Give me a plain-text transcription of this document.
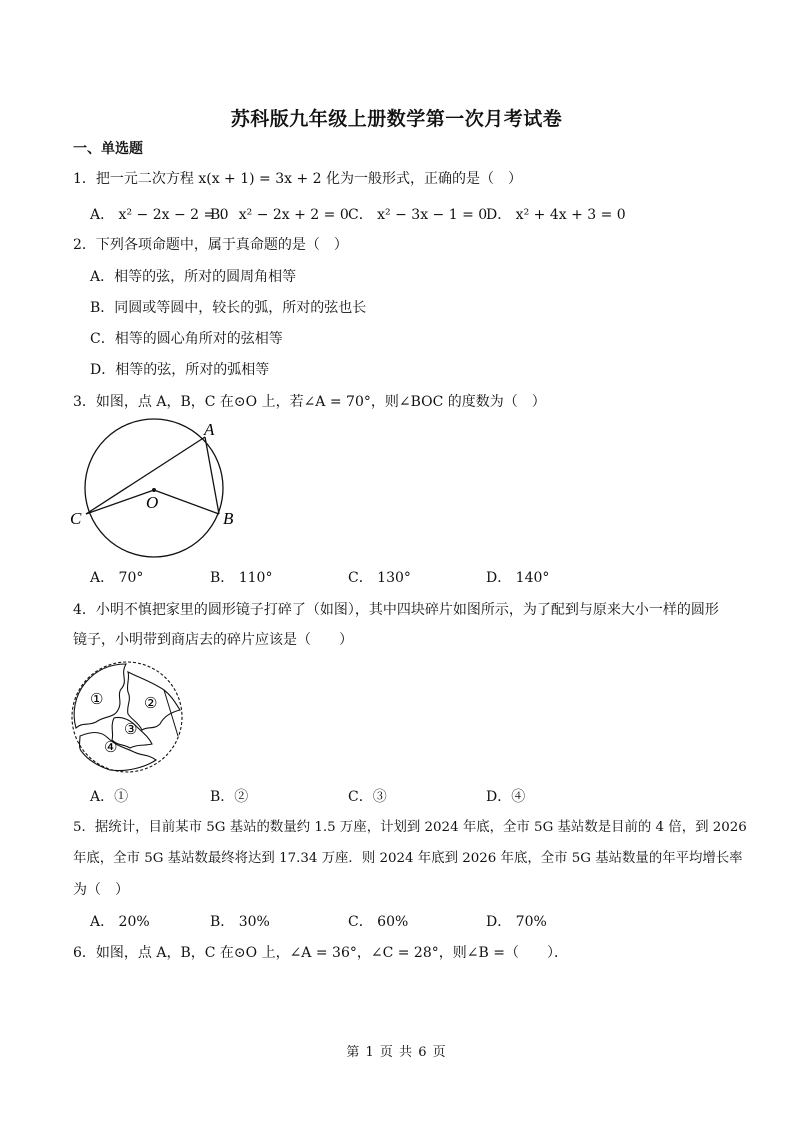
苏科版九年级上册数学第一次月考试卷
一、单选题
1．把一元二次方程 x(x + 1) = 3x + 2 化为一般形式，正确的是（　）
A． x² − 2x − 2 = 0
B． x² − 2x + 2 = 0 C． x² − 3x − 1 = 0
D． x² + 4x + 3 = 0
2．下列各项命题中，属于真命题的是（　）
A．相等的弦，所对的圆周角相等
B．同圆或等圆中，较长的弧，所对的弦也长
C．相等的圆心角所对的弦相等
D．相等的弦，所对的弧相等
3．如图，点 A，B，C 在⊙O 上，若∠A = 70°，则∠BOC 的度数为（　）
A
B
C
O
A． 70°	B． 110°	C． 130°	D． 140°
4．小明不慎把家里的圆形镜子打碎了（如图），其中四块碎片如图所示，为了配到与原来大小一样的圆形
镜子，小明带到商店去的碎片应该是（　　）
①	②
③
④
A．①	B．②	C．③	D．④
5．据统计，目前某市 5G 基站的数量约 1.5 万座，计划到 2024 年底，全市 5G 基站数是目前的 4 倍，到 2026
年底，全市 5G 基站数最终将达到 17.34 万座．则 2024 年底到 2026 年底，全市 5G 基站数量的年平均增长率
为（　）
A． 20%	B． 30%	C． 60%	D． 70%
6．如图，点 A，B，C 在⊙O 上，∠A = 36°，∠C = 28°，则∠B =（　　）．
第 1 页 共 6 页
